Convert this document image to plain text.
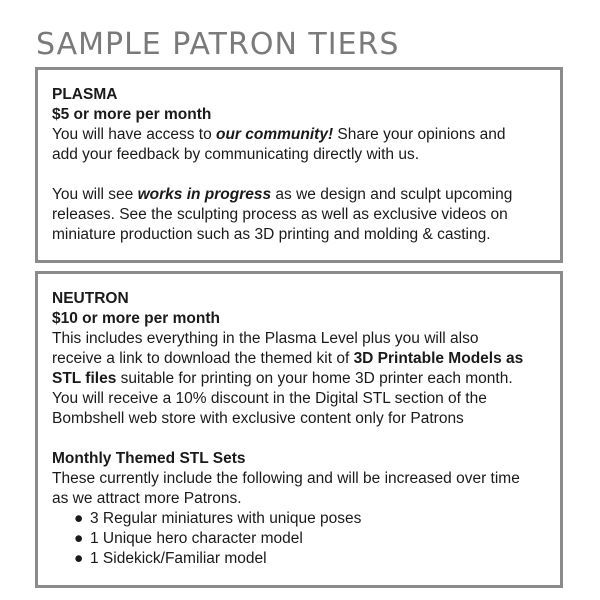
SAMPLE PATRON TIERS
PLASMA
$5 or more per month
You will have access to our community! Share your opinions and
add your feedback by communicating directly with us.
You will see works in progress as we design and sculpt upcoming
releases. See the sculpting process as well as exclusive videos on
miniature production such as 3D printing and molding & casting.
NEUTRON
$10 or more per month
This includes everything in the Plasma Level plus you will also
receive a link to download the themed kit of 3D Printable Models as
STL files suitable for printing on your home 3D printer each month.
You will receive a 10% discount in the Digital STL section of the
Bombshell web store with exclusive content only for Patrons
Monthly Themed STL Sets
These currently include the following and will be increased over time
as we attract more Patrons.
● 3 Regular miniatures with unique poses
● 1 Unique hero character model
● 1 Sidekick/Familiar model
